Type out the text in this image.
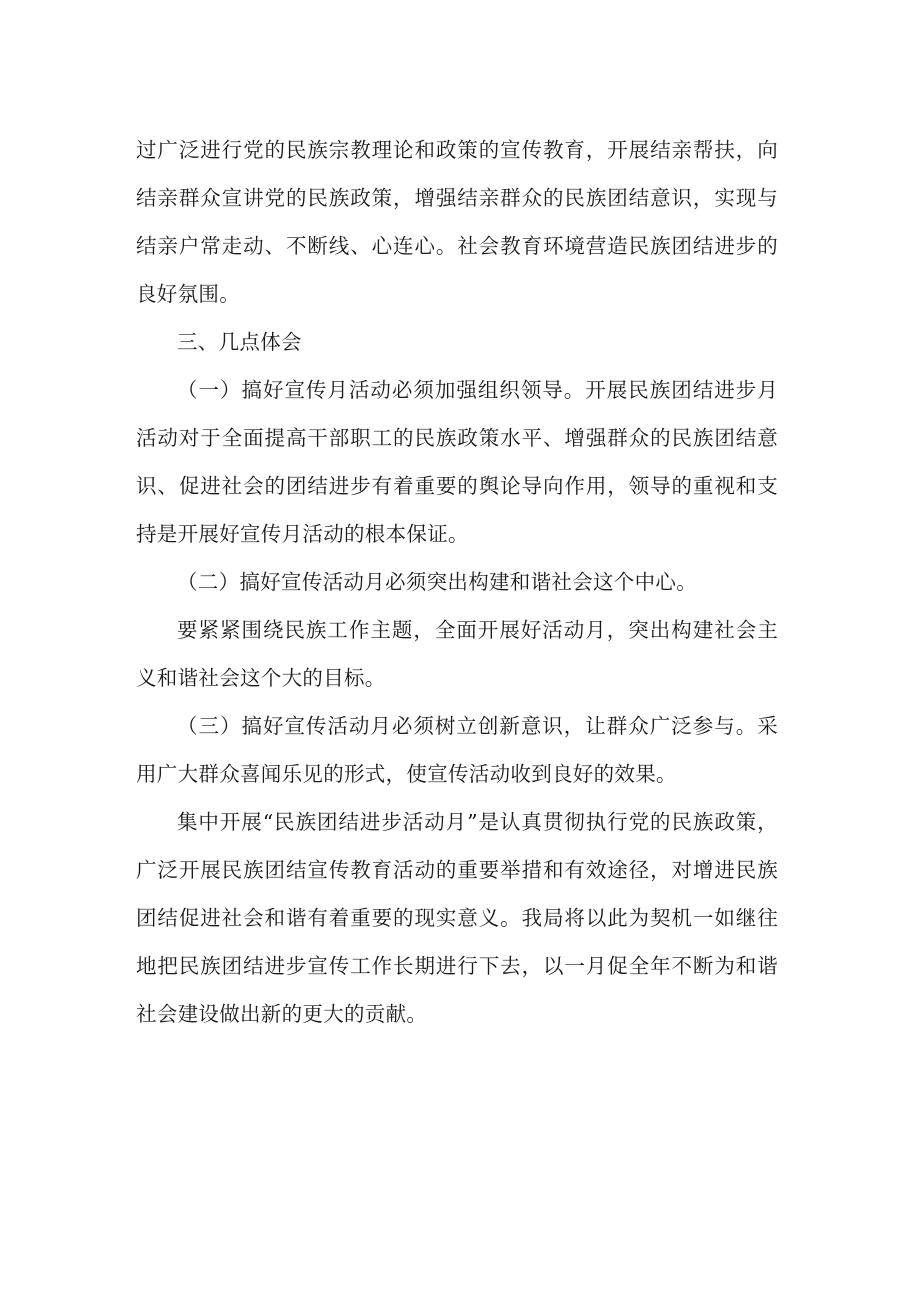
过广泛进行党的民族宗教理论和政策的宣传教育，开展结亲帮扶，向结亲群众宣讲党的民族政策，增强结亲群众的民族团结意识，实现与结亲户常走动、不断线、心连心。社会教育环境营造民族团结进步的良好氛围。

三、几点体会

（一）搞好宣传月活动必须加强组织领导。开展民族团结进步月活动对于全面提高干部职工的民族政策水平、增强群众的民族团结意识、促进社会的团结进步有着重要的舆论导向作用，领导的重视和支持是开展好宣传月活动的根本保证。

（二）搞好宣传活动月必须突出构建和谐社会这个中心。

要紧紧围绕民族工作主题，全面开展好活动月，突出构建社会主义和谐社会这个大的目标。

（三）搞好宣传活动月必须树立创新意识，让群众广泛参与。采用广大群众喜闻乐见的形式，使宣传活动收到良好的效果。

集中开展“民族团结进步活动月”是认真贯彻执行党的民族政策，广泛开展民族团结宣传教育活动的重要举措和有效途径，对增进民族团结促进社会和谐有着重要的现实意义。我局将以此为契机一如继往地把民族团结进步宣传工作长期进行下去，以一月促全年不断为和谐社会建设做出新的更大的贡献。
